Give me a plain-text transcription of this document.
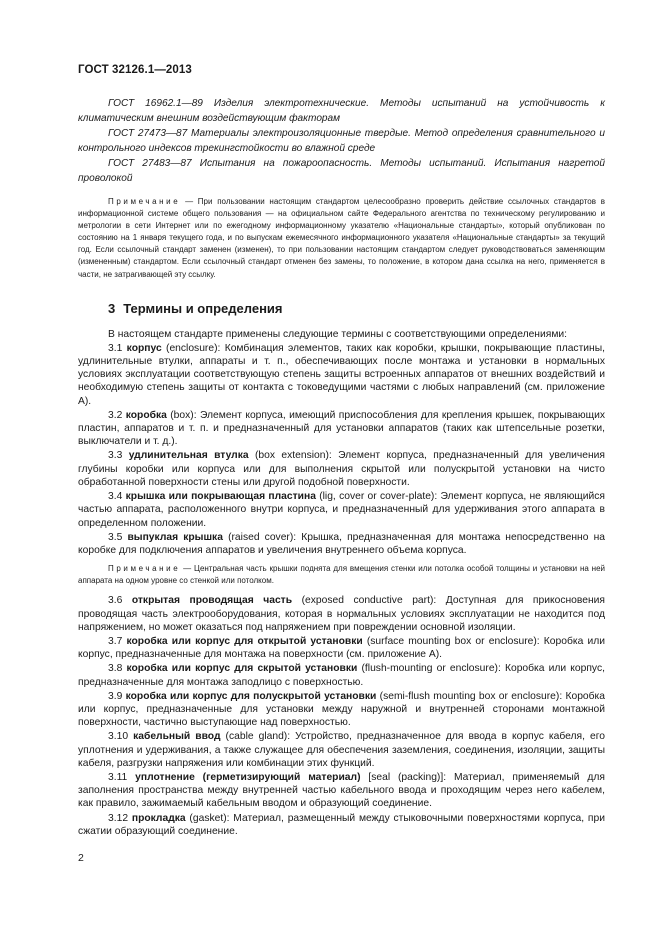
ГОСТ 32126.1—2013

ГОСТ 16962.1—89 Изделия электротехнические. Методы испытаний на устойчивость к климатическим внешним воздействующим факторам

ГОСТ 27473—87 Материалы электроизоляционные твердые. Метод определения сравнительного и контрольного индексов трекингстойкости во влажной среде

ГОСТ 27483—87 Испытания на пожароопасность. Методы испытаний. Испытания нагретой проволокой

Примечание — При пользовании настоящим стандартом целесообразно проверить действие ссылочных стандартов в информационной системе общего пользования — на официальном сайте Федерального агентства по техническому регулированию и метрологии в сети Интернет или по ежегодному информационному указателю «Национальные стандарты», который опубликован по состоянию на 1 января текущего года, и по выпускам ежемесячного информационного указателя «Национальные стандарты» за текущий год. Если ссылочный стандарт заменен (изменен), то при пользовании настоящим стандартом следует руководствоваться заменяющим (измененным) стандартом. Если ссылочный стандарт отменен без замены, то положение, в котором дана ссылка на него, применяется в части, не затрагивающей эту ссылку.

3 Термины и определения

В настоящем стандарте применены следующие термины с соответствующими определениями:

3.1 корпус (enclosure): Комбинация элементов, таких как коробки, крышки, покрывающие пластины, удлинительные втулки, аппараты и т. п., обеспечивающих после монтажа и установки в нормальных условиях эксплуатации соответствующую степень защиты встроенных аппаратов от внешних воздействий и необходимую степень защиты от контакта с токоведущими частями с любых направлений (см. приложение А).

3.2 коробка (box): Элемент корпуса, имеющий приспособления для крепления крышек, покрывающих пластин, аппаратов и т. п. и предназначенный для установки аппаратов (таких как штепсельные розетки, выключатели и т. д.).

3.3 удлинительная втулка (box extension): Элемент корпуса, предназначенный для увеличения глубины коробки или корпуса или для выполнения скрытой или полускрытой установки на чисто обработанной поверхности стены или другой подобной поверхности.

3.4 крышка или покрывающая пластина (lig, cover or cover-plate): Элемент корпуса, не являющийся частью аппарата, расположенного внутри корпуса, и предназначенный для удерживания этого аппарата в определенном положении.

3.5 выпуклая крышка (raised cover): Крышка, предназначенная для монтажа непосредственно на коробке для подключения аппаратов и увеличения внутреннего объема корпуса.

Примечание — Центральная часть крышки поднята для вмещения стенки или потолка особой толщины и установки на ней аппарата на одном уровне со стенкой или потолком.

3.6 открытая проводящая часть (exposed conductive part): Доступная для прикосновения проводящая часть электрооборудования, которая в нормальных условиях эксплуатации не находится под напряжением, но может оказаться под напряжением при повреждении основной изоляции.

3.7 коробка или корпус для открытой установки (surface mounting box or enclosure): Коробка или корпус, предназначенные для монтажа на поверхности (см. приложение А).

3.8 коробка или корпус для скрытой установки (flush-mounting or enclosure): Коробка или корпус, предназначенные для монтажа заподлицо с поверхностью.

3.9 коробка или корпус для полускрытой установки (semi-flush mounting box or enclosure): Коробка или корпус, предназначенные для установки между наружной и внутренней сторонами монтажной поверхности, частично выступающие над поверхностью.

3.10 кабельный ввод (cable gland): Устройство, предназначенное для ввода в корпус кабеля, его уплотнения и удерживания, а также служащее для обеспечения заземления, соединения, изоляции, защиты кабеля, разгрузки напряжения или комбинации этих функций.

3.11 уплотнение (герметизирующий материал) [seal (packing)]: Материал, применяемый для заполнения пространства между внутренней частью кабельного ввода и проходящим через него кабелем, как правило, зажимаемый кабельным вводом и образующий соединение.

3.12 прокладка (gasket): Материал, размещенный между стыковочными поверхностями корпуса, при сжатии образующий соединение.

2
